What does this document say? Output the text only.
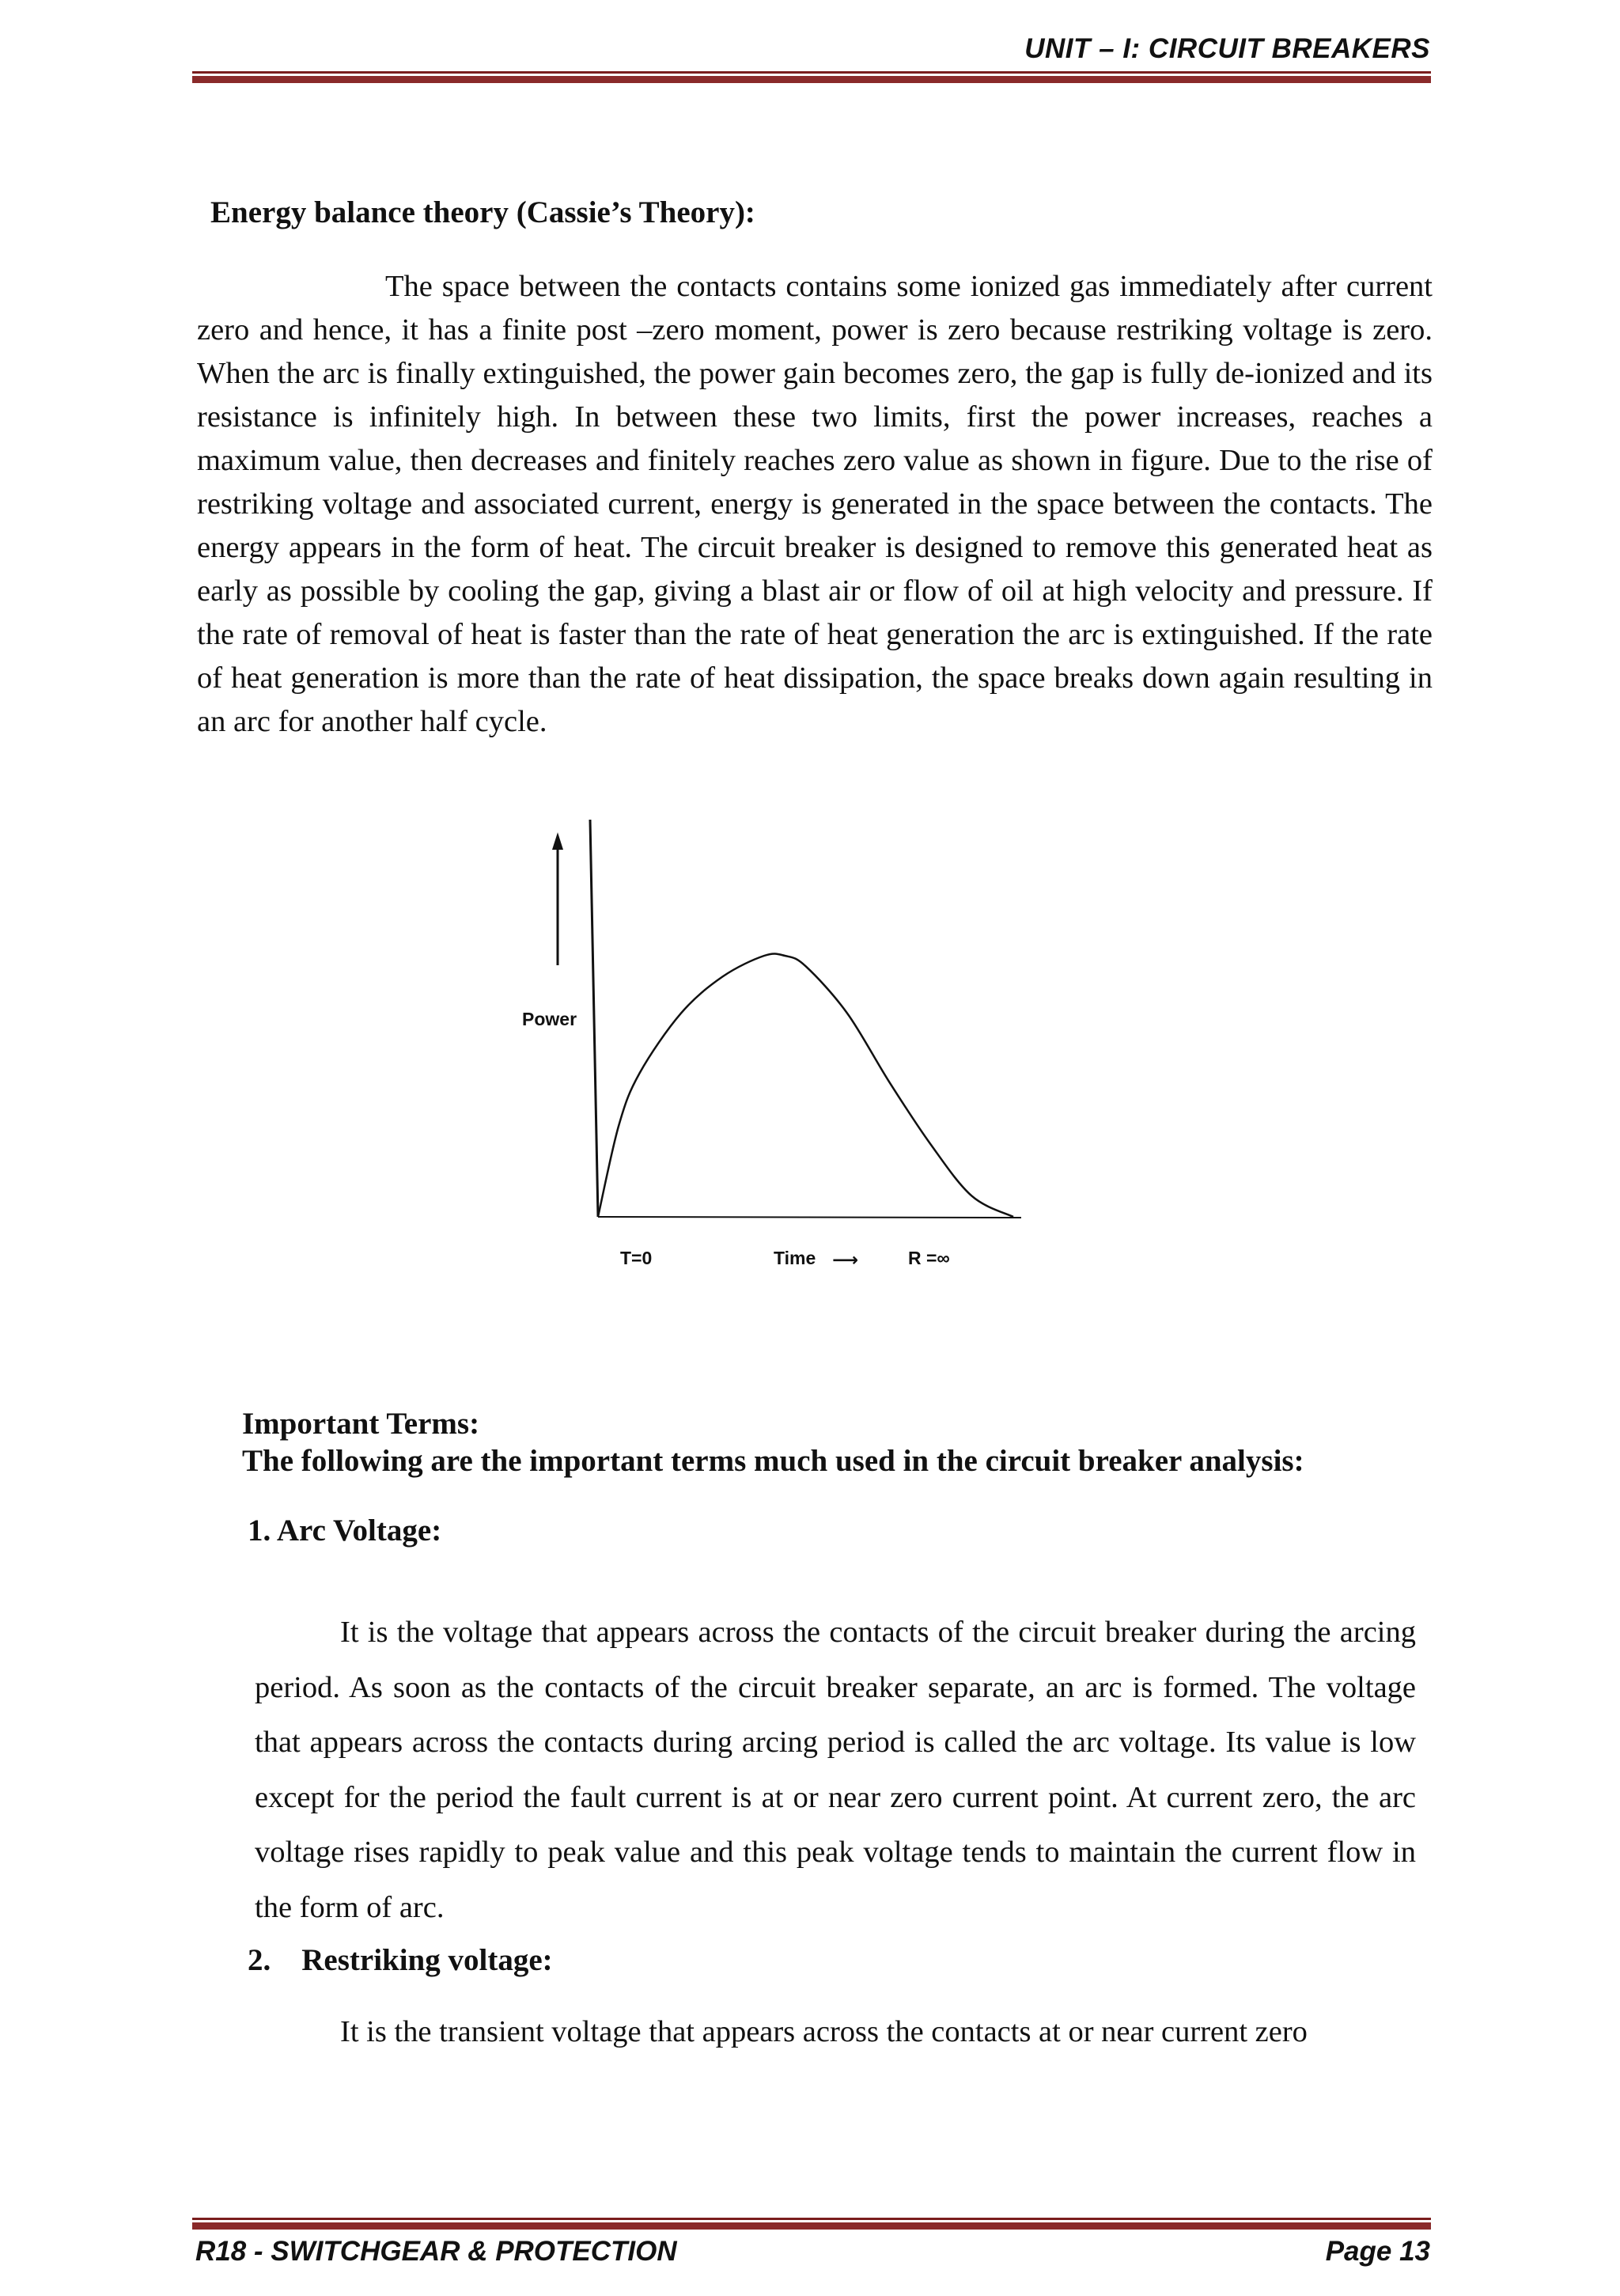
UNIT – I: CIRCUIT BREAKERS
Energy balance theory (Cassie’s Theory):

The space between the contacts contains some ionized gas immediately after current zero and hence, it has a finite post –zero moment, power is zero because restriking voltage is zero. When the arc is finally extinguished, the power gain becomes zero, the gap is fully de-ionized and its resistance is infinitely high. In between these two limits, first the power increases, reaches a maximum value, then decreases and finitely reaches zero value as shown in figure. Due to the rise of restriking voltage and associated current, energy is generated in the space between the contacts. The energy appears in the form of heat. The circuit breaker is designed to remove this generated heat as early as possible by cooling the gap, giving a blast air or flow of oil at high velocity and pressure. If the rate of removal of heat is faster than the rate of heat generation the arc is extinguished. If the rate of heat generation is more than the rate of heat dissipation, the space breaks down again resulting in an arc for another half cycle.

Power
T=0	Time ⟶	R =∞
Important Terms:
The following are the important terms much used in the circuit breaker analysis:
1. Arc Voltage:

It is the voltage that appears across the contacts of the circuit breaker during the arcing period. As soon as the contacts of the circuit breaker separate, an arc is formed. The voltage that appears across the contacts during arcing period is called the arc voltage. Its value is low except for the period the fault current is at or near zero current point. At current zero, the arc voltage rises rapidly to peak value and this peak voltage tends to maintain the current flow in the form of arc.

2. Restriking voltage:

It is the transient voltage that appears across the contacts at or near current zero

R18 - SWITCHGEAR & PROTECTION	Page 13
